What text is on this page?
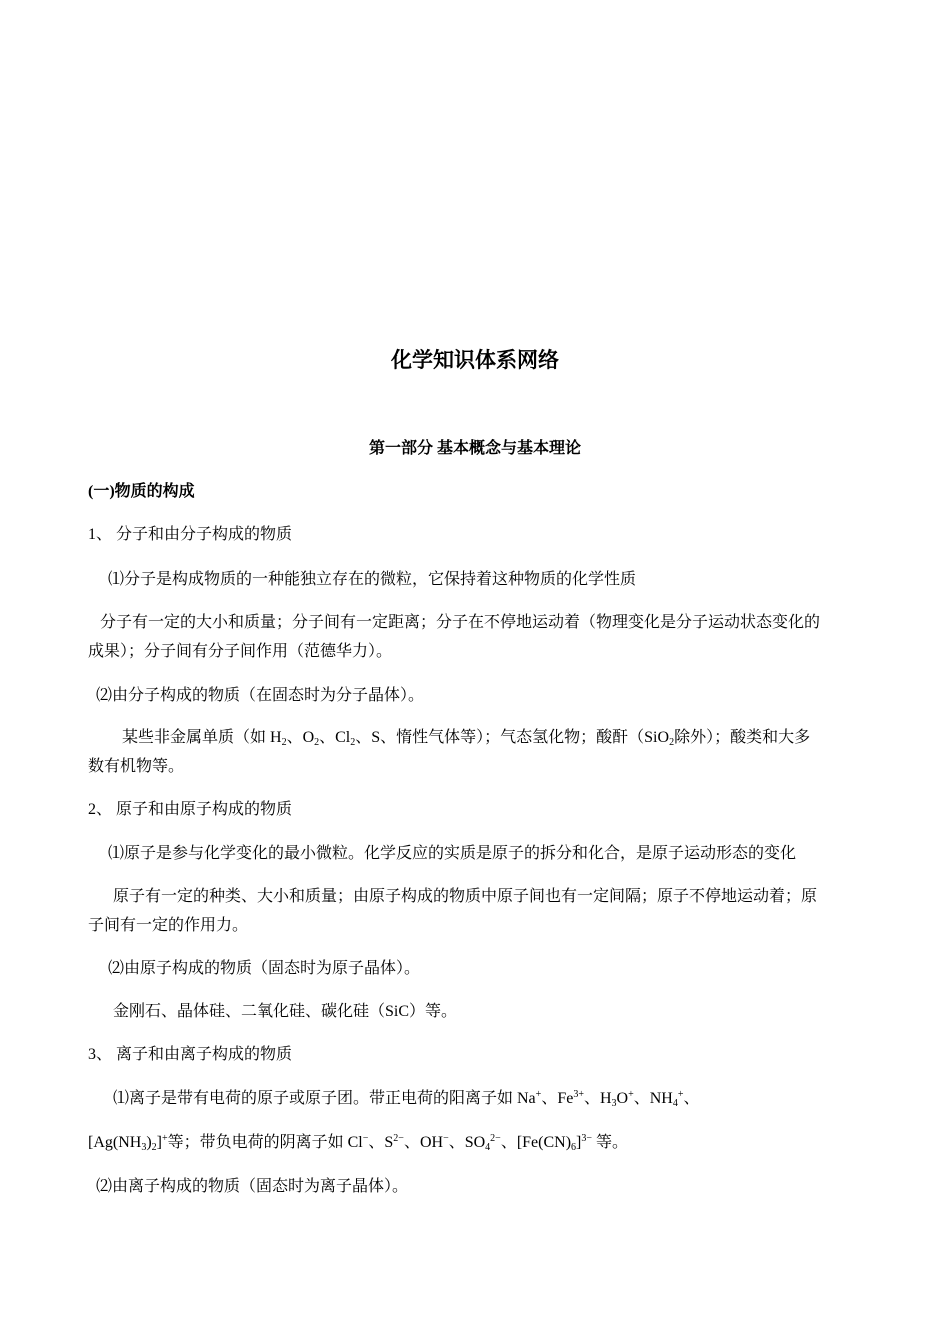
化学知识体系网络
第一部分 基本概念与基本理论
(一)物质的构成
1、 分子和由分子构成的物质
⑴分子是构成物质的一种能独立存在的微粒，它保持着这种物质的化学性质
分子有一定的大小和质量；分子间有一定距离；分子在不停地运动着（物理变化是分子运动状态变化的
成果）；分子间有分子间作用（范德华力）。
⑵由分子构成的物质（在固态时为分子晶体）。
某些非金属单质（如 $H_2$、$O_2$、$Cl_2$、S、惰性气体等）；气态氢化物；酸酐（SiO$_2$除外）；酸类和大多
数有机物等。
2、 原子和由原子构成的物质
⑴原子是参与化学变化的最小微粒。化学反应的实质是原子的拆分和化合，是原子运动形态的变化
原子有一定的种类、大小和质量；由原子构成的物质中原子间也有一定间隔；原子不停地运动着；原
子间有一定的作用力。
⑵由原子构成的物质（固态时为原子晶体）。
金刚石、晶体硅、二氧化硅、碳化硅（SiC）等。
3、 离子和由离子构成的物质
⑴离子是带有电荷的原子或原子团。带正电荷的阳离子如 Na+、$Fe^{3+}$、$H_3O^+$、$NH_4^+$、
$[Ag(NH_3)_2]^+$等；带负电荷的阴离子如 Cl−、$S^{2-}$、OH−、$SO_4^{2-}$、$[Fe(CN)_6]^{3-}$ 等。
⑵由离子构成的物质（固态时为离子晶体）。
